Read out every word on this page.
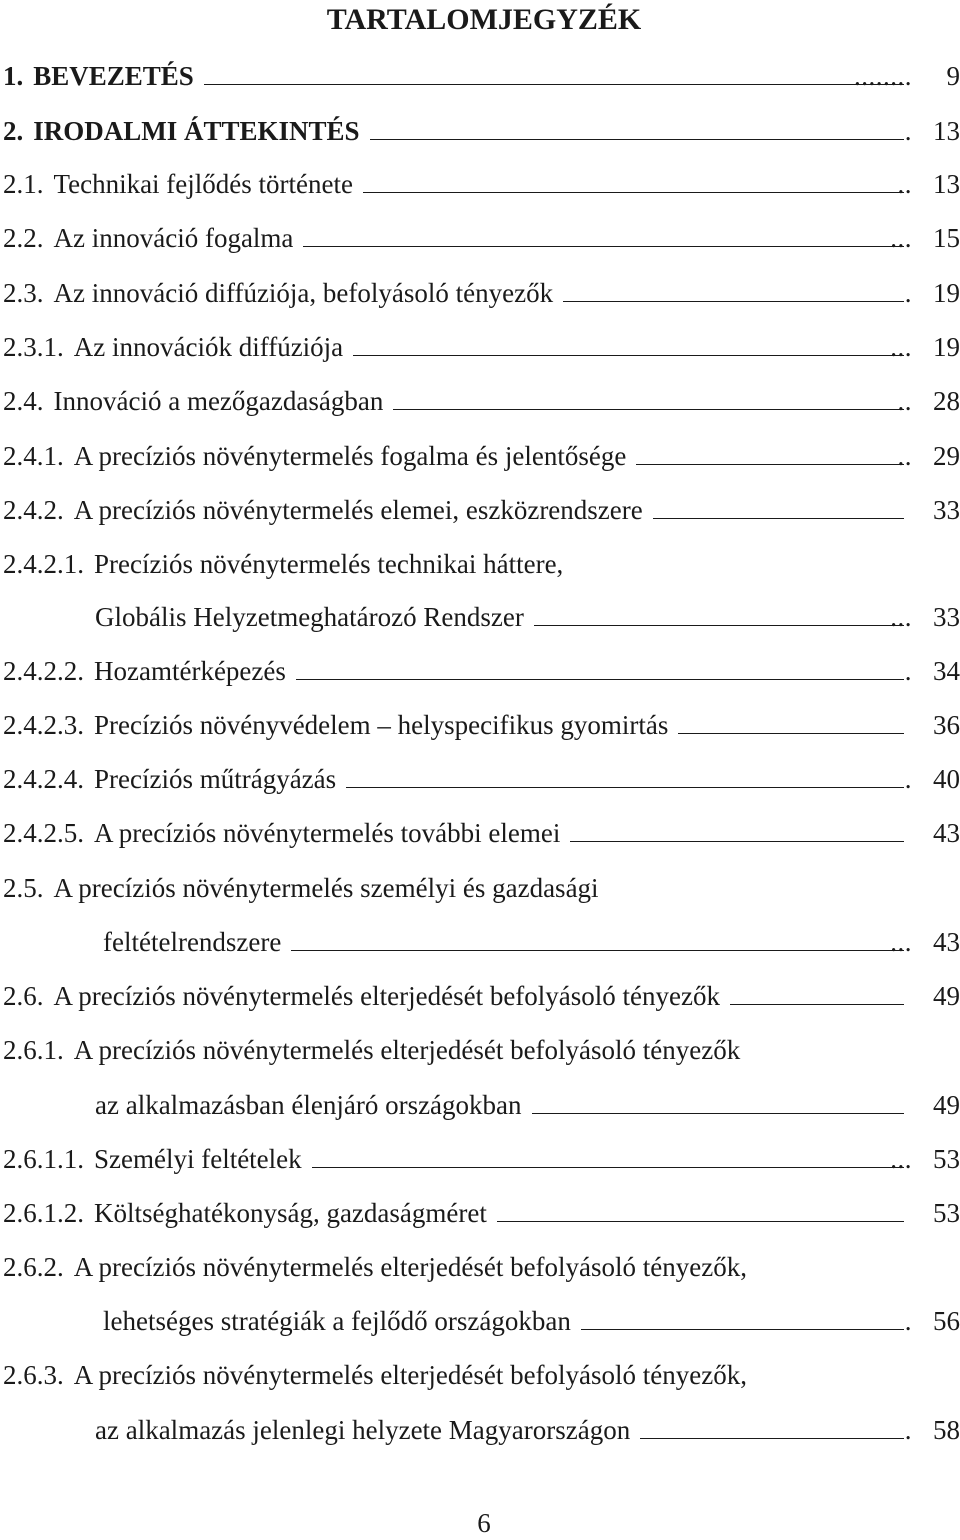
TARTALOMJEGYZÉK
1. BEVEZETÉS	........	9
2. IRODALMI ÁTTEKINTÉS	. 13
2.1. Technikai fejlődés története	.. 13
2.2. Az innováció fogalma	... 15
2.3. Az innováció diffúziója, befolyásoló tényezők	. 19
2.3.1. Az innovációk diffúziója	... 19
2.4. Innováció a mezőgazdaságban	.. 28
2.4.1. A precíziós növénytermelés fogalma és jelentősége	.. 29
2.4.2. A precíziós növénytermelés elemei, eszközrendszere	33
2.4.2.1. Precíziós növénytermelés technikai háttere,
Globális Helyzetmeghatározó Rendszer	... 33
2.4.2.2. Hozamtérképezés	. 34
2.4.2.3. Precíziós növényvédelem – helyspecifikus gyomirtás	36
2.4.2.4. Precíziós műtrágyázás	. 40
2.4.2.5. A precíziós növénytermelés további elemei	43
2.5. A precíziós növénytermelés személyi és gazdasági
feltételrendszere	... 43
2.6. A precíziós növénytermelés elterjedését befolyásoló tényezők	49
2.6.1. A precíziós növénytermelés elterjedését befolyásoló tényezők
az alkalmazásban élenjáró országokban	49
2.6.1.1. Személyi feltételek	... 53
2.6.1.2. Költséghatékonyság, gazdaságméret	53
2.6.2. A precíziós növénytermelés elterjedését befolyásoló tényezők,
lehetséges stratégiák a fejlődő országokban	. 56
2.6.3. A precíziós növénytermelés elterjedését befolyásoló tényezők,
az alkalmazás jelenlegi helyzete Magyarországon	. 58
6
